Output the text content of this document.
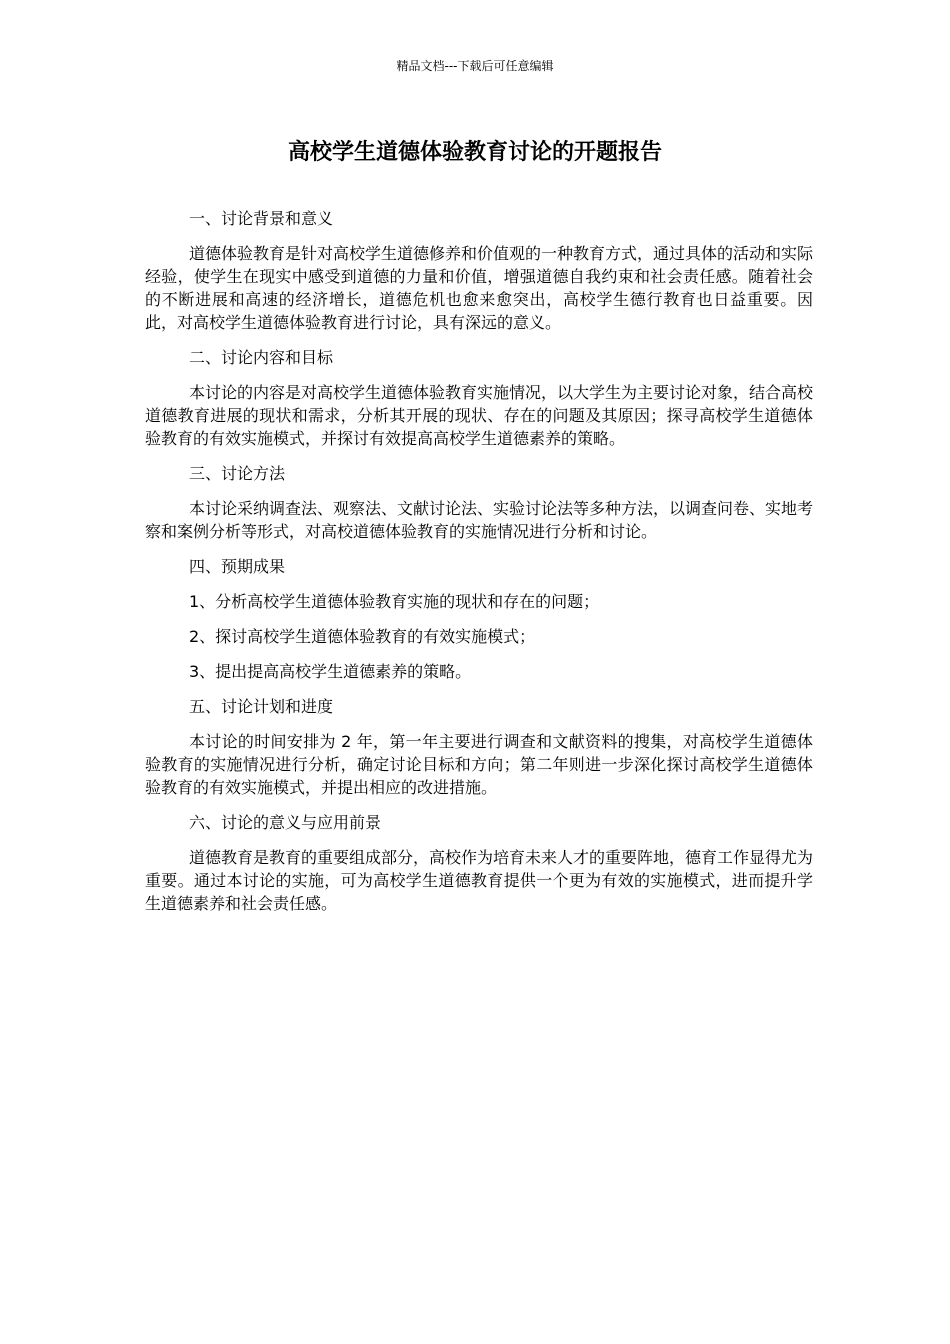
精品文档---下载后可任意编辑
高校学生道德体验教育讨论的开题报告

一、讨论背景和意义

道德体验教育是针对高校学生道德修养和价值观的一种教育方式，通过具体的活动和实际经验，使学生在现实中感受到道德的力量和价值，增强道德自我约束和社会责任感。随着社会的不断进展和高速的经济增长，道德危机也愈来愈突出，高校学生德行教育也日益重要。因此，对高校学生道德体验教育进行讨论，具有深远的意义。

二、讨论内容和目标

本讨论的内容是对高校学生道德体验教育实施情况，以大学生为主要讨论对象，结合高校道德教育进展的现状和需求，分析其开展的现状、存在的问题及其原因；探寻高校学生道德体验教育的有效实施模式，并探讨有效提高高校学生道德素养的策略。

三、讨论方法

本讨论采纳调查法、观察法、文献讨论法、实验讨论法等多种方法，以调查问卷、实地考察和案例分析等形式，对高校道德体验教育的实施情况进行分析和讨论。

四、预期成果

1、分析高校学生道德体验教育实施的现状和存在的问题；

2、探讨高校学生道德体验教育的有效实施模式；

3、提出提高高校学生道德素养的策略。

五、讨论计划和进度

本讨论的时间安排为 2 年，第一年主要进行调查和文献资料的搜集，对高校学生道德体验教育的实施情况进行分析，确定讨论目标和方向；第二年则进一步深化探讨高校学生道德体验教育的有效实施模式，并提出相应的改进措施。

六、讨论的意义与应用前景

道德教育是教育的重要组成部分，高校作为培育未来人才的重要阵地，德育工作显得尤为重要。通过本讨论的实施，可为高校学生道德教育提供一个更为有效的实施模式，进而提升学生道德素养和社会责任感。
